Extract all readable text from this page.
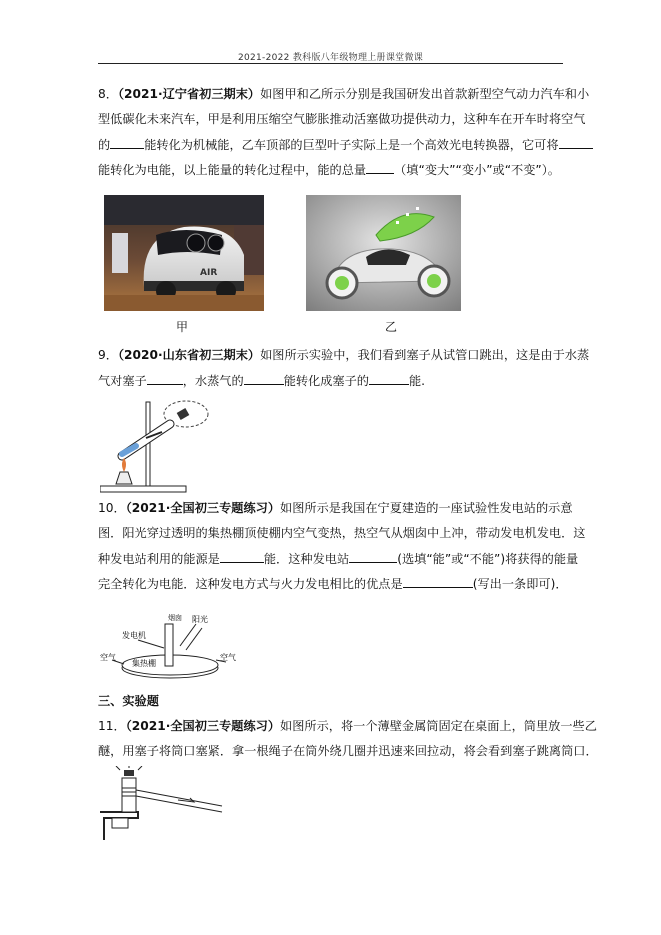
2021-2022 教科版八年级物理上册课堂微课
8．（2021·辽宁省初三期末）如图甲和乙所示分别是我国研发出首款新型空气动力汽车和小
型低碳化未来汽车，甲是利用压缩空气膨胀推动活塞做功提供动力，这种车在开车时将空气
的	能转化为机械能，乙车顶部的巨型叶子实际上是一个高效光电转换器，它可将
能转化为电能，以上能量的转化过程中，能的总量 （填“变大”“变小”或“不变”）。
AIR
甲	乙
9．（2020·山东省初三期末）如图所示实验中，我们看到塞子从试管口跳出，这是由于水蒸
气对塞子	，水蒸气的	能转化成塞子的	能.
10．（2021·全国初三专题练习）如图所示是我国在宁夏建造的一座试验性发电站的示意
图．阳光穿过透明的集热棚顶使棚内空气变热，热空气从烟囱中上冲，带动发电机发电．这
种发电站利用的能源是	能．这种发电站	(选填“能”或“不能”)将获得的能量
完全转化为电能．这种发电方式与火力发电相比的优点是	(写出一条即可)．
发电机
烟囱 阳光
集热棚
空气	空气
三、实验题
11．（2021·全国初三专题练习）如图所示，将一个薄壁金属筒固定在桌面上，筒里放一些乙
醚，用塞子将筒口塞紧．拿一根绳子在筒外绕几圈并迅速来回拉动，将会看到塞子跳离筒口．
